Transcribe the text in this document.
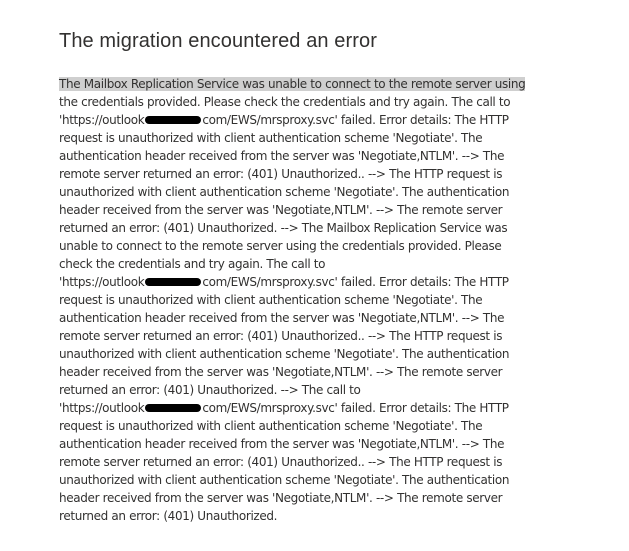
The migration encountered an error
The Mailbox Replication Service was unable to connect to the remote server using
the credentials provided. Please check the credentials and try again. The call to
'https://outlook	com/EWS/mrsproxy.svc' failed. Error details: The HTTP
request is unauthorized with client authentication scheme 'Negotiate'. The
authentication header received from the server was 'Negotiate,NTLM'. --> The
remote server returned an error: (401) Unauthorized.. --> The HTTP request is
unauthorized with client authentication scheme 'Negotiate'. The authentication
header received from the server was 'Negotiate,NTLM'. --> The remote server
returned an error: (401) Unauthorized. --> The Mailbox Replication Service was
unable to connect to the remote server using the credentials provided. Please
check the credentials and try again. The call to
'https://outlook	com/EWS/mrsproxy.svc' failed. Error details: The HTTP
request is unauthorized with client authentication scheme 'Negotiate'. The
authentication header received from the server was 'Negotiate,NTLM'. --> The
remote server returned an error: (401) Unauthorized.. --> The HTTP request is
unauthorized with client authentication scheme 'Negotiate'. The authentication
header received from the server was 'Negotiate,NTLM'. --> The remote server
returned an error: (401) Unauthorized. --> The call to
'https://outlook	com/EWS/mrsproxy.svc' failed. Error details: The HTTP
request is unauthorized with client authentication scheme 'Negotiate'. The
authentication header received from the server was 'Negotiate,NTLM'. --> The
remote server returned an error: (401) Unauthorized.. --> The HTTP request is
unauthorized with client authentication scheme 'Negotiate'. The authentication
header received from the server was 'Negotiate,NTLM'. --> The remote server
returned an error: (401) Unauthorized.
